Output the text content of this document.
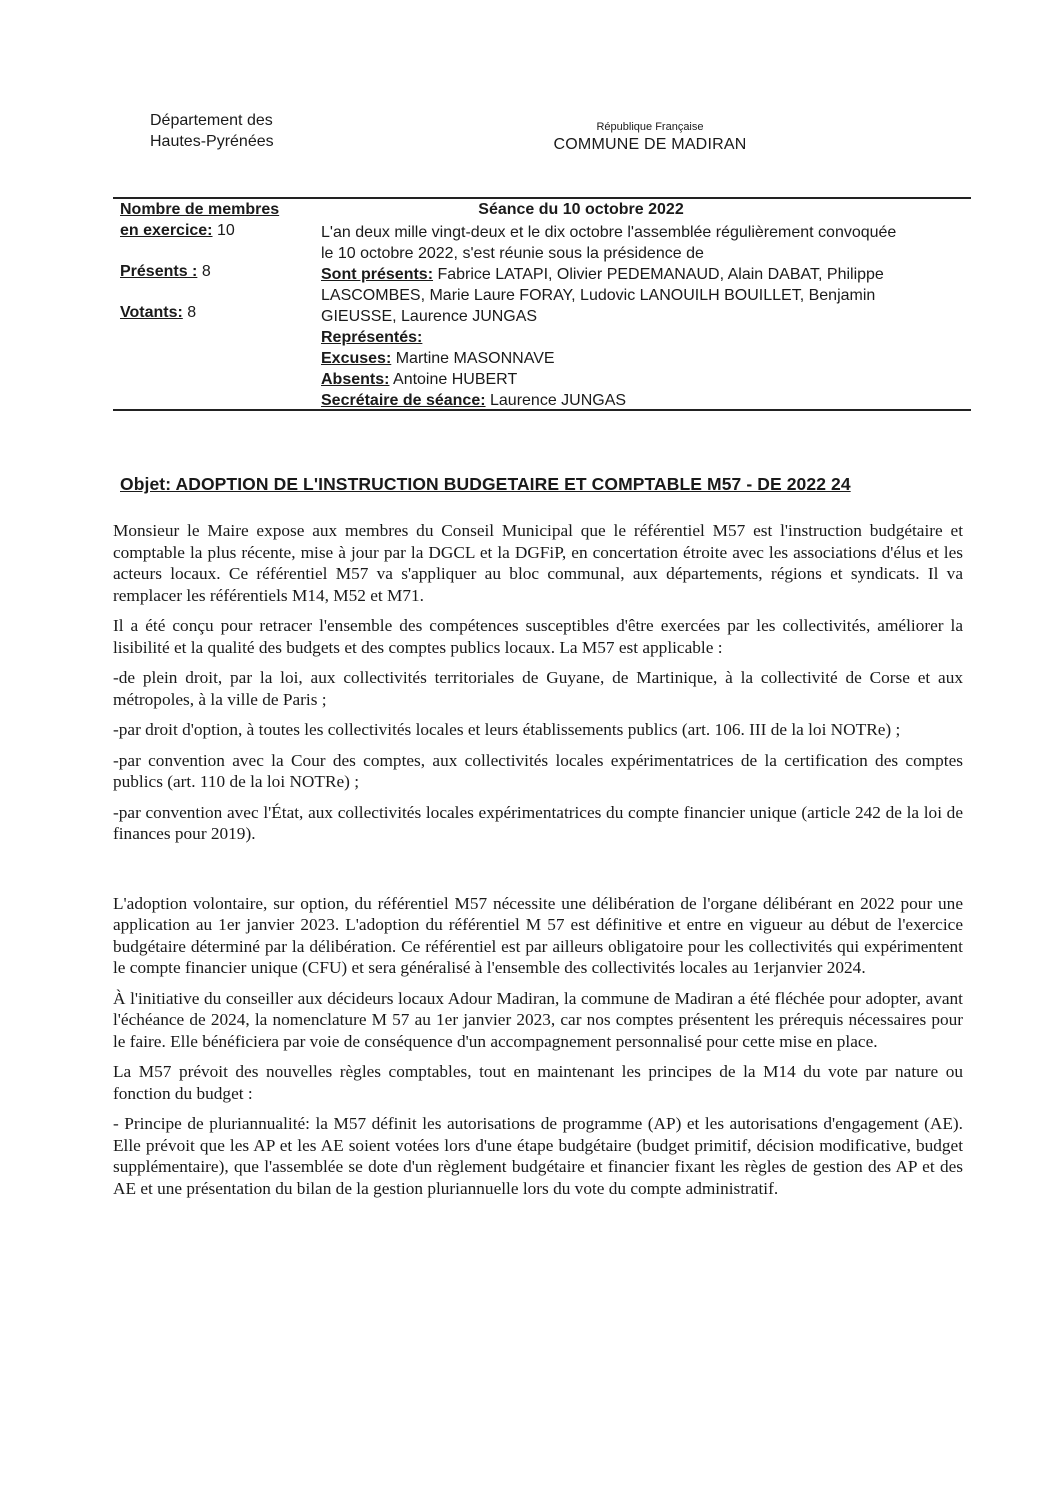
Département des
Hautes-Pyrénées
République Française
COMMUNE DE MADIRAN
Nombre de membres
en exercice: 10
Présents : 8
Votants: 8
Séance du 10 octobre 2022
L'an deux mille vingt-deux et le dix octobre l'assemblée régulièrement convoquée
le 10 octobre 2022, s'est réunie sous la présidence de
Sont présents: Fabrice LATAPI, Olivier PEDEMANAUD, Alain DABAT, Philippe
LASCOMBES, Marie Laure FORAY, Ludovic LANOUILH BOUILLET, Benjamin
GIEUSSE, Laurence JUNGAS
Représentés:
Excuses: Martine MASONNAVE
Absents: Antoine HUBERT
Secrétaire de séance: Laurence JUNGAS
Objet: ADOPTION DE L'INSTRUCTION BUDGETAIRE ET COMPTABLE M57 - DE 2022 24

Monsieur le Maire expose aux membres du Conseil Municipal que le référentiel M57 est l'instruction budgétaire et comptable la plus récente, mise à jour par la DGCL et la DGFiP, en concertation étroite avec les associations d'élus et les acteurs locaux. Ce référentiel M57 va s'appliquer au bloc communal, aux départements, régions et syndicats. Il va remplacer les référentiels M14, M52 et M71.

Il a été conçu pour retracer l'ensemble des compétences susceptibles d'être exercées par les collectivités, améliorer la lisibilité et la qualité des budgets et des comptes publics locaux. La M57 est applicable :

-de plein droit, par la loi, aux collectivités territoriales de Guyane, de Martinique, à la collectivité de Corse et aux métropoles, à la ville de Paris ;

-par droit d'option, à toutes les collectivités locales et leurs établissements publics (art. 106. III de la loi NOTRe) ;

-par convention avec la Cour des comptes, aux collectivités locales expérimentatrices de la certification des comptes publics (art. 110 de la loi NOTRe) ;

-par convention avec l'État, aux collectivités locales expérimentatrices du compte financier unique (article 242 de la loi de finances pour 2019).

L'adoption volontaire, sur option, du référentiel M57 nécessite une délibération de l'organe délibérant en 2022 pour une application au 1er janvier 2023. L'adoption du référentiel M 57 est définitive et entre en vigueur au début de l'exercice budgétaire déterminé par la délibération. Ce référentiel est par ailleurs obligatoire pour les collectivités qui expérimentent le compte financier unique (CFU) et sera généralisé à l'ensemble des collectivités locales au 1erjanvier 2024.

À l'initiative du conseiller aux décideurs locaux Adour Madiran, la commune de Madiran a été fléchée pour adopter, avant l'échéance de 2024, la nomenclature M 57 au 1er janvier 2023, car nos comptes présentent les prérequis nécessaires pour le faire. Elle bénéficiera par voie de conséquence d'un accompagnement personnalisé pour cette mise en place.

La M57 prévoit des nouvelles règles comptables, tout en maintenant les principes de la M14 du vote par nature ou fonction du budget :

- Principe de pluriannualité: la M57 définit les autorisations de programme (AP) et les autorisations d'engagement (AE). Elle prévoit que les AP et les AE soient votées lors d'une étape budgétaire (budget primitif, décision modificative, budget supplémentaire), que l'assemblée se dote d'un règlement budgétaire et financier fixant les règles de gestion des AP et des AE et une présentation du bilan de la gestion pluriannuelle lors du vote du compte administratif.
